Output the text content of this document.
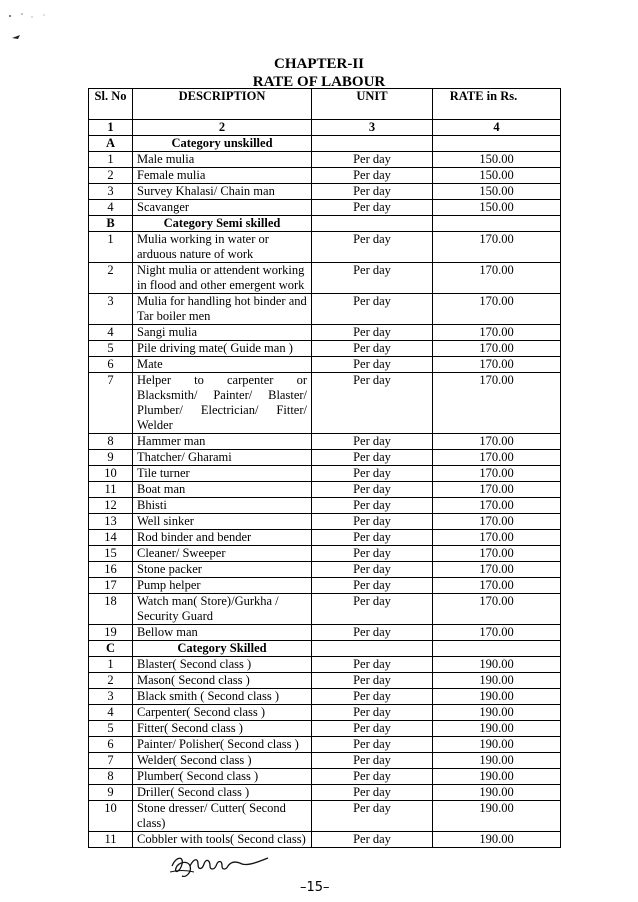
CHAPTER-II
RATE OF LABOUR
Sl. No	DESCRIPTION	UNIT	RATE in Rs.
1	2	3	4
A	Category unskilled		
1	Male mulia	Per day	150.00
2	Female mulia	Per day	150.00
3	Survey Khalasi/ Chain man	Per day	150.00
4	Scavanger	Per day	150.00
B	Category Semi skilled		
1	Mulia working in water or arduous nature of work	Per day	170.00
2	Night mulia or attendent working in flood and other emergent work	Per day	170.00
3	Mulia for handling hot binder and Tar boiler men	Per day	170.00
4	Sangi mulia	Per day	170.00
5	Pile driving mate( Guide man )	Per day	170.00
6	Mate	Per day	170.00
7	Helper to carpenter or Blacksmith/ Painter/ Blaster/ Plumber/ Electrician/ Fitter/ Welder	Per day	170.00
8	Hammer man	Per day	170.00
9	Thatcher/ Gharami	Per day	170.00
10	Tile turner	Per day	170.00
11	Boat man	Per day	170.00
12	Bhisti	Per day	170.00
13	Well sinker	Per day	170.00
14	Rod binder and bender	Per day	170.00
15	Cleaner/ Sweeper	Per day	170.00
16	Stone packer	Per day	170.00
17	Pump helper	Per day	170.00
18	Watch man( Store)/Gurkha / Security Guard	Per day	170.00
19	Bellow man	Per day	170.00
C	Category Skilled		
1	Blaster( Second class )	Per day	190.00
2	Mason( Second class )	Per day	190.00
3	Black smith ( Second class )	Per day	190.00
4	Carpenter( Second class )	Per day	190.00
5	Fitter( Second class )	Per day	190.00
6	Painter/ Polisher( Second class )	Per day	190.00
7	Welder( Second class )	Per day	190.00
8	Plumber( Second class )	Per day	190.00
9	Driller( Second class )	Per day	190.00
10	Stone dresser/ Cutter( Second class)	Per day	190.00
11	Cobbler with tools( Second class)	Per day	190.00
–15–
